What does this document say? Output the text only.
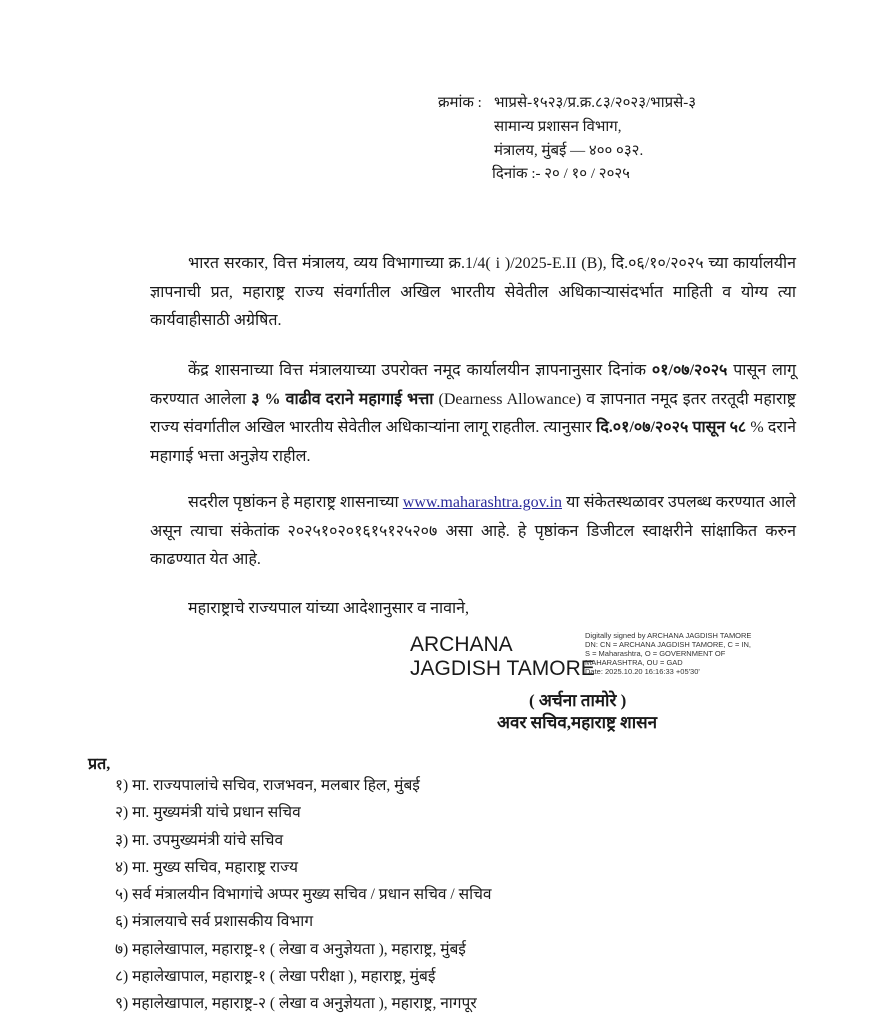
क्रमांक : भाप्रसे-१५२३/प्र.क्र.८३/२०२३/भाप्रसे-३
सामान्य प्रशासन विभाग,
मंत्रालय, मुंबई — ४०० ०३२.
दिनांक :- २० / १० / २०२५
भारत सरकार, वित्त मंत्रालय, व्यय विभागाच्या क्र.1/4( i )/2025-E.II (B), दि.०६/१०/२०२५ च्या कार्यालयीन ज्ञापनाची प्रत, महाराष्ट्र राज्य संवर्गातील अखिल भारतीय सेवेतील अधिकाऱ्यासंदर्भात माहिती व योग्य त्या कार्यवाहीसाठी अग्रेषित.
केंद्र शासनाच्या वित्त मंत्रालयाच्या उपरोक्त नमूद कार्यालयीन ज्ञापनानुसार दिनांक ०१/०७/२०२५ पासून लागू करण्यात आलेला ३ % वाढीव दराने महागाई भत्ता (Dearness Allowance) व ज्ञापनात नमूद इतर तरतूदी महाराष्ट्र राज्य संवर्गातील अखिल भारतीय सेवेतील अधिकाऱ्यांना लागू राहतील. त्यानुसार दि.०१/०७/२०२५ पासून ५८ % दराने महागाई भत्ता अनुज्ञेय राहील.
सदरील पृष्ठांकन हे महाराष्ट्र शासनाच्या www.maharashtra.gov.in या संकेतस्थळावर उपलब्ध करण्यात आले असून त्याचा संकेतांक २०२५१०२०१६१५१२५२०७ असा आहे. हे पृष्ठांकन डिजीटल स्वाक्षरीने सांक्षाकित करुन काढण्यात येत आहे.
महाराष्ट्राचे राज्यपाल यांच्या आदेशानुसार व नावाने,
ARCHANA
JAGDISH TAMORE
Digitally signed by ARCHANA JAGDISH TAMORE
DN: CN = ARCHANA JAGDISH TAMORE, C = IN,
S = Maharashtra, O = GOVERNMENT OF
MAHARASHTRA, OU = GAD
Date: 2025.10.20 16:16:33 +05'30'
( अर्चना तामोरे )
अवर सचिव,महाराष्ट्र शासन
प्रत,
१) मा. राज्यपालांचे सचिव, राजभवन, मलबार हिल, मुंबई
२) मा. मुख्यमंत्री यांचे प्रधान सचिव
३) मा. उपमुख्यमंत्री यांचे सचिव
४) मा. मुख्य सचिव, महाराष्ट्र राज्य
५) सर्व मंत्रालयीन विभागांचे अप्पर मुख्य सचिव / प्रधान सचिव / सचिव
६) मंत्रालयाचे सर्व प्रशासकीय विभाग
७) महालेखापाल, महाराष्ट्र-१ ( लेखा व अनुज्ञेयता ), महाराष्ट्र, मुंबई
८) महालेखापाल, महाराष्ट्र-१ ( लेखा परीक्षा ), महाराष्ट्र, मुंबई
९) महालेखापाल, महाराष्ट्र-२ ( लेखा व अनुज्ञेयता ), महाराष्ट्र, नागपूर
